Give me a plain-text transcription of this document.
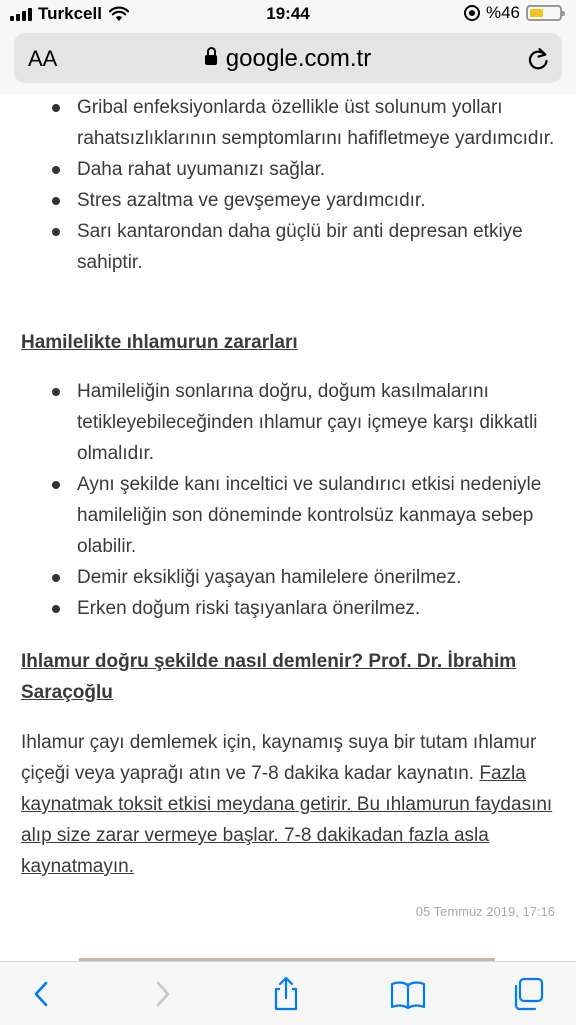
Turkcell	19:44	%46
AA	google.com.tr
Gribal enfeksiyonlarda özellikle üst solunum yolları rahatsızlıklarının semptomlarını hafifletmeye yardımcıdır.
Daha rahat uyumanızı sağlar.
Stres azaltma ve gevşemeye yardımcıdır.
Sarı kantarondan daha güçlü bir anti depresan etkiye sahiptir.
Hamilelikte ıhlamurun zararları
Hamileliğin sonlarına doğru, doğum kasılmalarını tetikleyebileceğinden ıhlamur çayı içmeye karşı dikkatli olmalıdır.
Aynı şekilde kanı inceltici ve sulandırıcı etkisi nedeniyle hamileliğin son döneminde kontrolsüz kanmaya sebep olabilir.
Demir eksikliği yaşayan hamilelere önerilmez.
Erken doğum riski taşıyanlara önerilmez.
Ihlamur doğru şekilde nasıl demlenir? Prof. Dr. İbrahim Saraçoğlu
Ihlamur çayı demlemek için, kaynamış suya bir tutam ıhlamur çiçeği veya yaprağı atın ve 7-8 dakika kadar kaynatın. Fazla kaynatmak toksit etkisi meydana getirir. Bu ıhlamurun faydasını alıp size zarar vermeye başlar. 7-8 dakikadan fazla asla kaynatmayın.
05 Temmuz 2019, 17:16
